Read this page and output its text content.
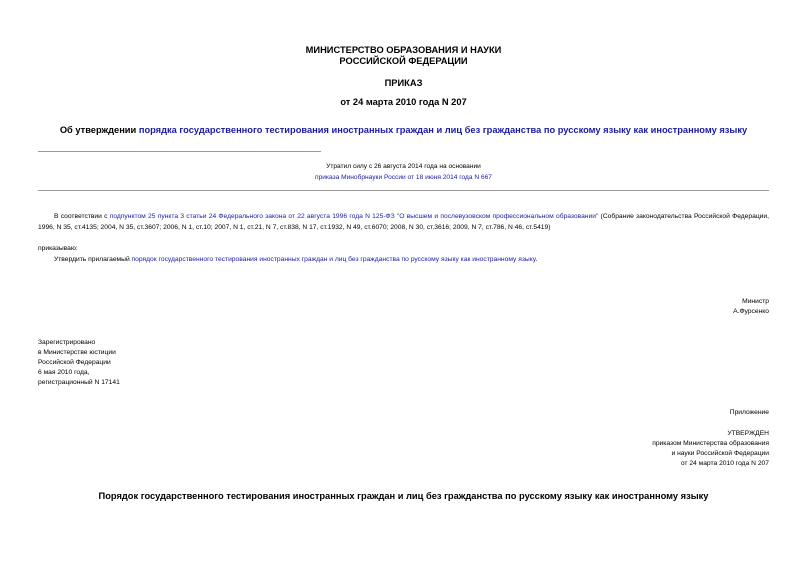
МИНИСТЕРСТВО ОБРАЗОВАНИЯ И НАУКИ
РОССИЙСКОЙ ФЕДЕРАЦИИ
ПРИКАЗ
от 24 марта 2010 года N 207
Об утверждении порядка государственного тестирования иностранных граждан и лиц без гражданства по русскому языку как иностранному языку
Утратил силу с 26 августа 2014 года на основании
приказа Минобрнауки России от 18 июня 2014 года N 667
В соответствии с подпунктом 25 пункта 3 статьи 24 Федерального закона от 22 августа 1996 года N 125-ФЗ "О высшем и послевузовском профессиональном образовании" (Собрание законодательства Российской Федерации, 1996, N 35, ст.4135; 2004, N 35, ст.3607; 2006, N 1, ст.10; 2007, N 1, ст.21, N 7, ст.838, N 17, ст.1932, N 49, ст.6070; 2008, N 30, ст.3616; 2009, N 7, ст.786, N 46, ст.5419)
приказываю:
Утвердить прилагаемый порядок государственного тестирования иностранных граждан и лиц без гражданства по русскому языку как иностранному языку.
Министр
А.Фурсенко
Зарегистрировано
в Министерстве юстиции
Российской Федерации
6 мая 2010 года,
регистрационный N 17141
Приложение
УТВЕРЖДЕН
приказом Министерства образования
и науки Российской Федерации
от 24 марта 2010 года N 207
Порядок государственного тестирования иностранных граждан и лиц без гражданства по русскому языку как иностранному языку
